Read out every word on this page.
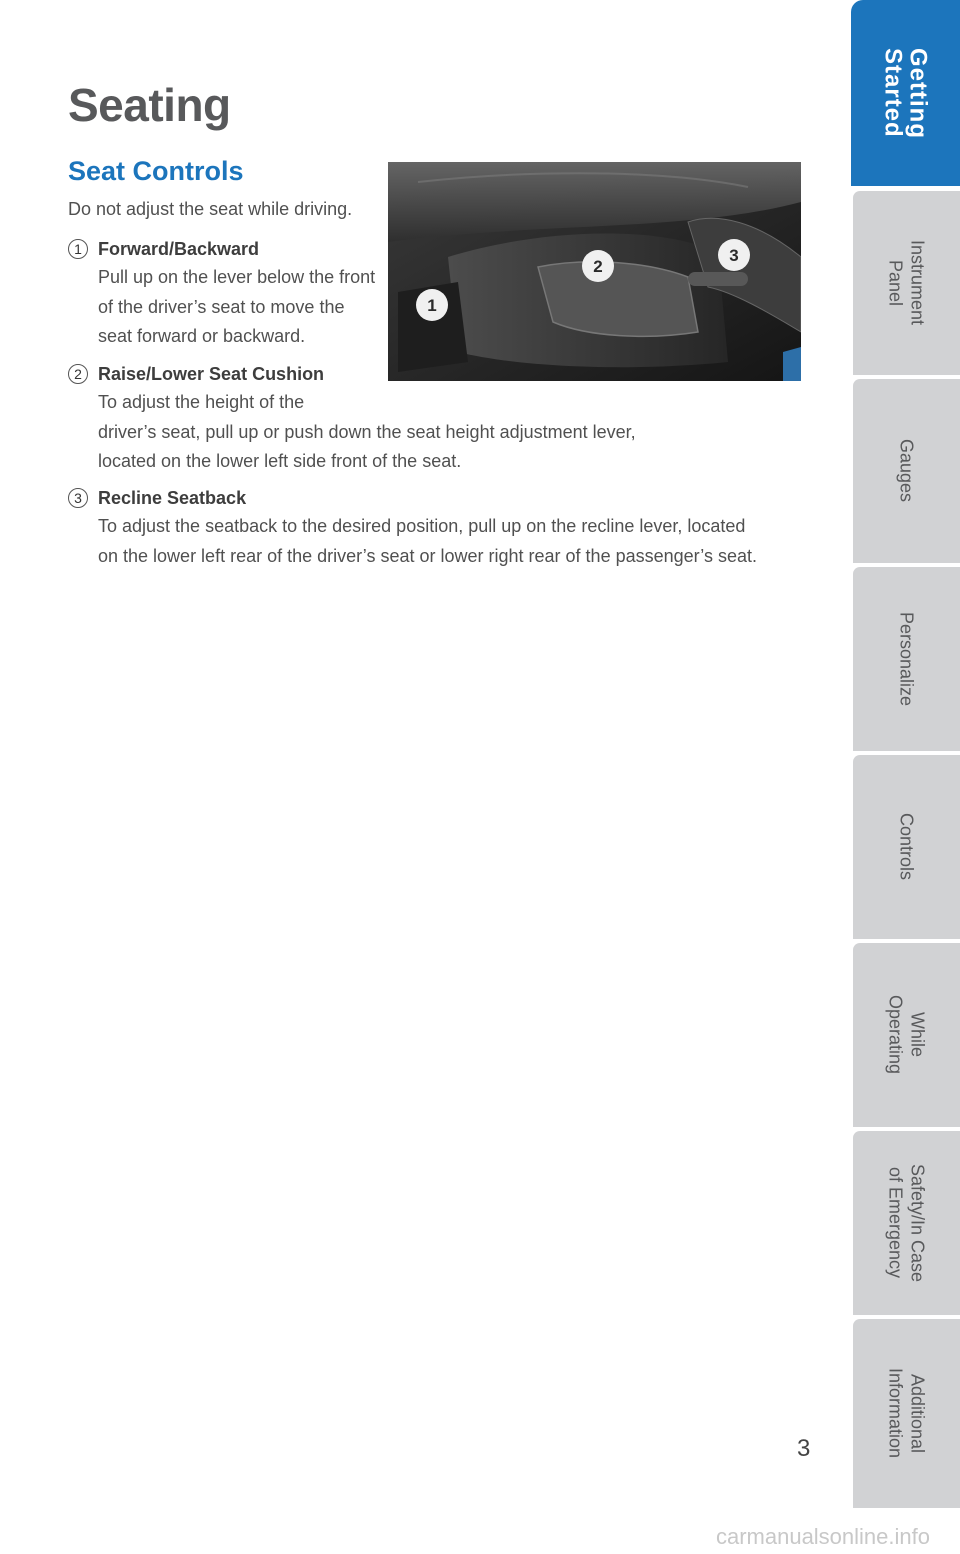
Seating
Seat Controls
Do not adjust the seat while driving.
2
3
1
1 Forward/Backward
Pull up on the lever below the front of the driver’s seat to move the seat forward or backward.
2 Raise/Lower Seat Cushion
To adjust the height of the
driver’s seat, pull up or push down the seat height adjustment lever, located on the lower left side front of the seat.
3 Recline Seatback
To adjust the seatback to the desired position, pull up on the recline lever, located on the lower left rear of the driver’s seat or lower right rear of the passenger’s seat.
3
Getting
Started
Instrument
Panel
Gauges
Personalize
Controls
While
Operating
Safety/In Case
of Emergency
Additional
Information
carmanualsonline.info
